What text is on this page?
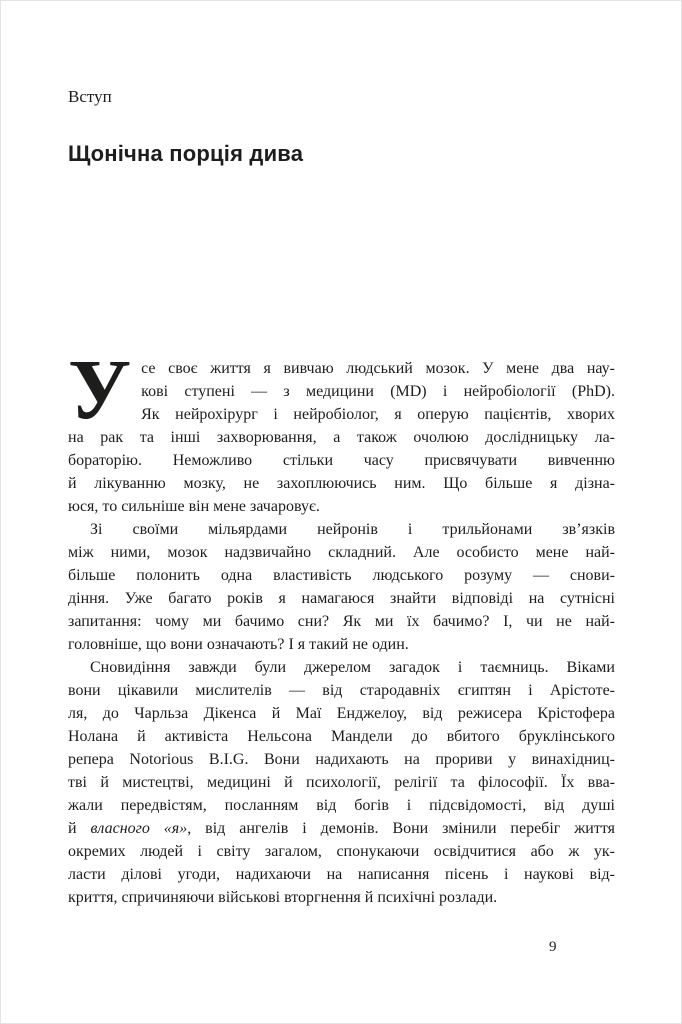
Вступ
Щонічна порція дива
У се своє життя я вивчаю людський мозок. У мене два нау-
кові ступені — з медицини (MD) і нейробіології (PhD).
Як нейрохірург і нейробіолог, я оперую пацієнтів, хворих
на рак та інші захворювання, а також очолюю дослідницьку ла-
бораторію. Неможливо стільки часу присвячувати вивченню
й лікуванню мозку, не захоплюючись ним. Що більше я дізна-
юся, то сильніше він мене зачаровує.
Зі своїми мільярдами нейронів і трильйонами зв’язків
між ними, мозок надзвичайно складний. Але особисто мене най-
більше полонить одна властивість людського розуму — снови-
діння. Уже багато років я намагаюся знайти відповіді на сутнісні
запитання: чому ми бачимо сни? Як ми їх бачимо? І, чи не най-
головніше, що вони означають? І я такий не один.
Сновидіння завжди були джерелом загадок і таємниць. Віками
вони цікавили мислителів — від стародавніх єгиптян і Арістоте-
ля, до Чарльза Дікенса й Маї Енджелоу, від режисера Крістофера
Нолана й активіста Нельсона Мандели до вбитого бруклінського
репера Notorious B.I.G. Вони надихають на прориви у винахідниц-
тві й мистецтві, медицині й психології, релігії та філософії. Їх вва-
жали передвістям, посланням від богів і підсвідомості, від душі
й власного «я», від ангелів і демонів. Вони змінили перебіг життя
окремих людей і світу загалом, спонукаючи освідчитися або ж ук-
ласти ділові угоди, надихаючи на написання пісень і наукові від-
криття, спричиняючи військові вторгнення й психічні розлади.
9
